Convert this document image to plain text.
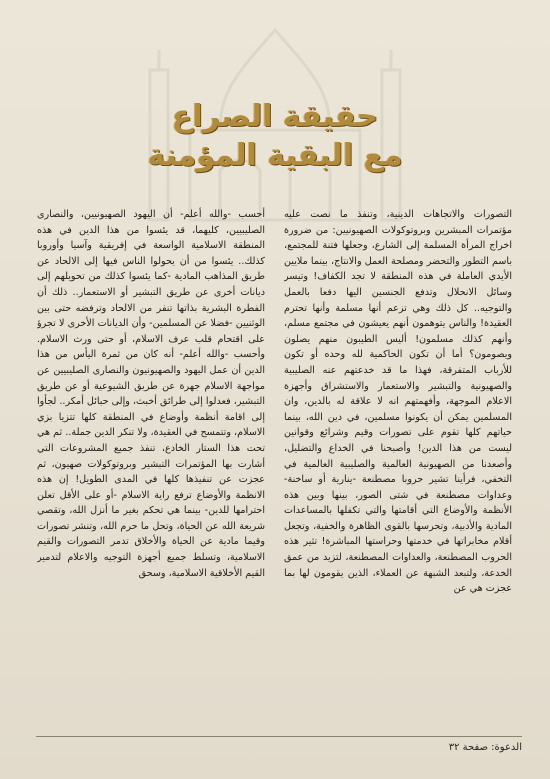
حقيقة الصراع
مع البقية المؤمنة

أحسب -والله أعلم- أن اليهود الصهيونيين، والنصارى الصليبيين، كليهما، قد يئسوا من هذا الدين في هذه المنطقة الاسلامية الواسعة في إفريقية وآسيا وأوروبا كذلك.. يئسوا من أن يحولوا الناس فيها إلى الالحاد عن طريق المذاهب المادية -كما يئسوا كذلك من تحويلهم إلى ديانات أخرى عن طريق التبشير أو الاستعمار.. ذلك أن الفطرة البشرية بذاتها تنفر من الالحاد وترفضه حتى بين الوثنيين -فضلا عن المسلمين- وأن الديانات الأخرى لا تجرؤ على اقتحام قلب عرف الاسلام، أو حتى ورث الاسلام. وأحسب -والله أعلم- أنه كان من ثمرة اليأس من هذا الدين أن عمل اليهود والصهيونيون والنصارى الصليبيين عن مواجهة الاسلام جهرة عن طريق الشيوعية أو عن طريق التبشير، فعدلوا إلى طرائق أخبث، وإلى حبائل أمكر.. لجأوا إلى اقامة أنظمة وأوضاع في المنطقة كلها تتزيا بزي الاسلام، وتتمسح في العقيدة، ولا تنكر الدين جملة.. ثم هي تحت هذا الستار الخادع، تنفذ جميع المشروعات التي أشارت بها المؤتمرات التبشير وبروتوكولات صهيون، ثم عجزت عن تنفيذها كلها في المدى الطويل! إن هذه الانظمة والأوضاع ترفع راية الاسلام -أو على الأقل تعلن احترامها للدين- بينما هي تحكم بغير ما أنزل الله، وتقصي شريعة الله عن الحياة، وتحل ما حرم الله، وتنشر تصورات وقيما مادية عن الحياة والأخلاق تدمر التصورات والقيم الاسلامية، وتسلط جميع أجهزة التوجيه والاعلام لتدمير القيم الأخلاقية الاسلامية، وسحق

التصورات والاتجاهات الدينية، وتنفذ ما نصت عليه مؤتمرات المبشرين وبروتوكولات الصهيونيين: من ضرورة اخراج المرأة المسلمة إلى الشارع، وجعلها فتنة للمجتمع، باسم التطور والتحضر ومصلحة العمل والانتاج، بينما ملايين الأيدي العاملة في هذه المنطقة لا تجد الكفاف! وتيسر وسائل الانحلال وتدفع الجنسين اليها دفعا بالعمل والتوجيه.. كل ذلك وهي تزعم أنها مسلمة وأنها تحترم العقيدة! والناس يتوهمون أنهم يعيشون في مجتمع مسلم، وأنهم كذلك مسلمون! أليس الطيبون منهم يصلون ويصومون؟ أما أن تكون الحاكمية لله وحده أو تكون للأرباب المتفرقة، فهذا ما قد خدعتهم عنه الصليبية والصهيونية والتبشير والاستعمار والاستشراق وأجهزة الاعلام الموجهة، وأفهمتهم انه لا علاقة له بالدين، وان المسلمين يمكن أن يكونوا مسلمين، في دين الله، بينما حياتهم كلها تقوم على تصورات وقيم وشرائع وقوانين ليست من هذا الدين! وأصبحنا في الخداع والتضليل، وأصعدنا من الصهيونية العالمية والصليبية العالمية في التخفي، فرأينا تشير حروبا مصطنعة -ينارية أو ساخنة- وعداوات مصطنعة في شتى الصور، بينها وبين هذه الأنظمة والأوضاع التي أقامتها والتي تكفلها بالمساعدات المادية والأدبية، وتحرسها بالقوى الظاهرة والخفية، وتجعل أقلام مخابراتها في خدمتها وحراستها المباشرة! تثير هذه الحروب المصطنعة، والعداوات المصطنعة، لتزيد من عمق الخدعة، ولتبعد الشبهة عن العملاء، الذين يقومون لها بما عجزت هي عن

الدعوة: صفحة ٣٢
